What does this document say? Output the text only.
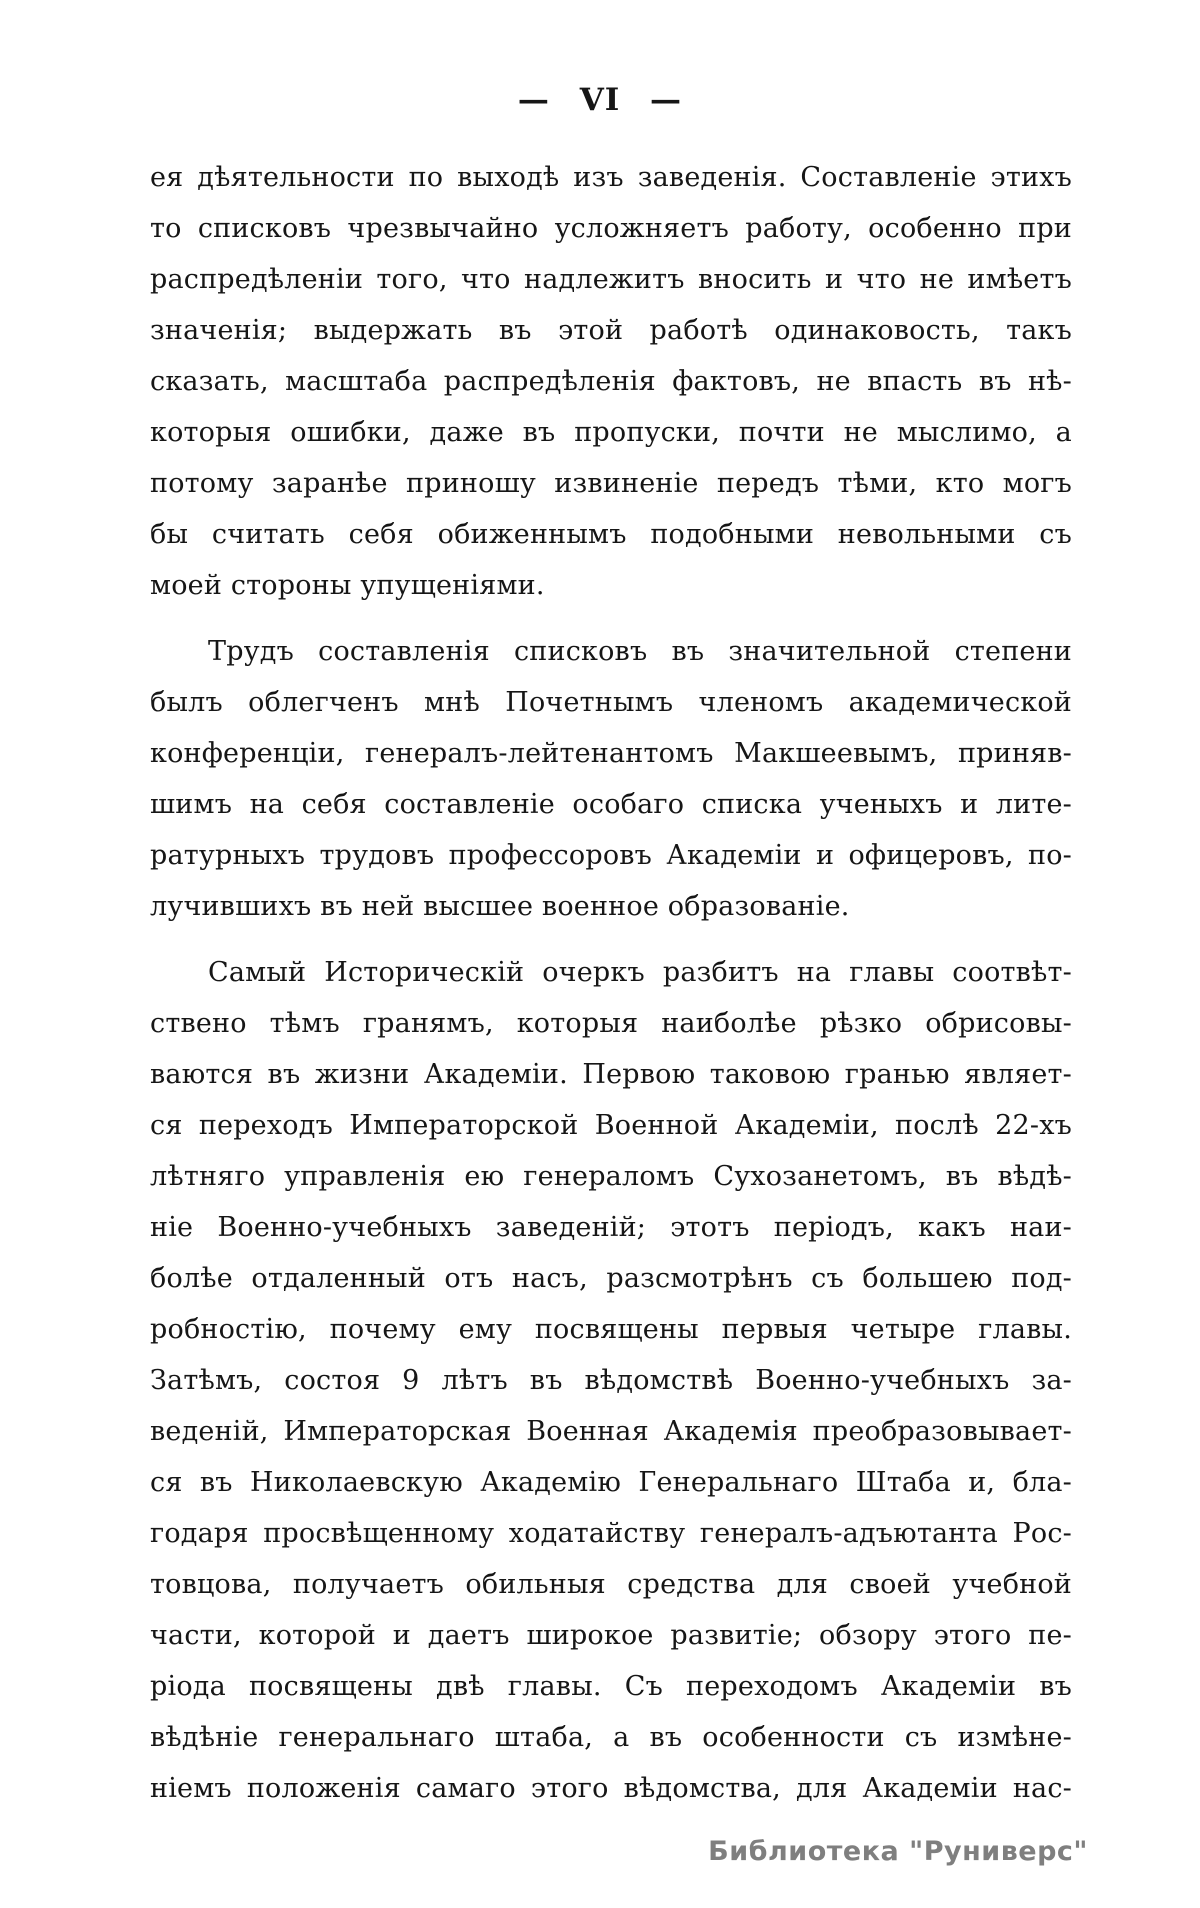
— VI —
ея дѣятельности по выходѣ изъ заведенія. Составленіе этихъ
то списковъ чрезвычайно усложняетъ работу, особенно при
распредѣленіи того, что надлежитъ вносить и что не имѣетъ
значенія; выдержать въ этой работѣ одинаковость, такъ
сказать, масштаба распредѣленія фактовъ, не впасть въ нѣ-
которыя ошибки, даже въ пропуски, почти не мыслимо, а
потому заранѣе приношу извиненіе передъ тѣми, кто могъ
бы считать себя обиженнымъ подобными невольными съ
моей стороны упущеніями.
Трудъ составленія списковъ въ значительной степени
былъ облегченъ мнѣ Почетнымъ членомъ академической
конференціи, генералъ-лейтенантомъ Макшеевымъ, приняв-
шимъ на себя составленіе особаго списка ученыхъ и лите-
ратурныхъ трудовъ профессоровъ Академіи и офицеровъ, по-
лучившихъ въ ней высшее военное образованіе.
Самый Историческій очеркъ разбитъ на главы соотвѣт-
ствено тѣмъ гранямъ, которыя наиболѣе рѣзко обрисовы-
ваются въ жизни Академіи. Первою таковою гранью являет-
ся переходъ Императорской Военной Академіи, послѣ 22-хъ
лѣтняго управленія ею генераломъ Сухозанетомъ, въ вѣдѣ-
ніе Военно-учебныхъ заведеній; этотъ періодъ, какъ наи-
болѣе отдаленный отъ насъ, разсмотрѣнъ съ большею под-
робностію, почему ему посвящены первыя четыре главы.
Затѣмъ, состоя 9 лѣтъ въ вѣдомствѣ Военно-учебныхъ за-
веденій, Императорская Военная Академія преобразовывает-
ся въ Николаевскую Академію Генеральнаго Штаба и, бла-
годаря просвѣщенному ходатайству генералъ-адъютанта Рос-
товцова, получаетъ обильныя средства для своей учебной
части, которой и даетъ широкое развитіе; обзору этого пе-
ріода посвящены двѣ главы. Съ переходомъ Академіи въ
вѣдѣніе генеральнаго штаба, а въ особенности съ измѣне-
ніемъ положенія самаго этого вѣдомства, для Академіи нас-
Библиотека "Руниверс"
